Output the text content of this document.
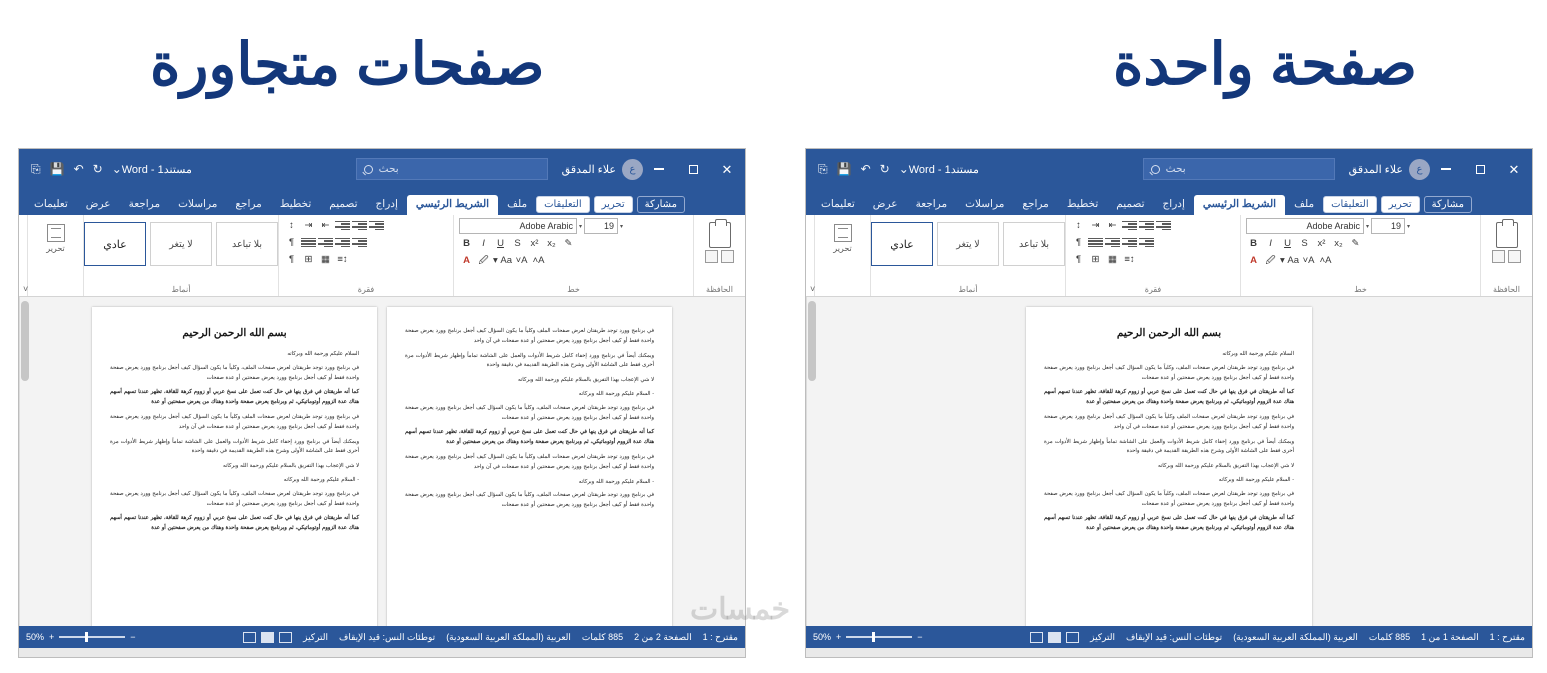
صفحة واحدة
صفحات متجاورة
✕
ع
علاء المدقق
بحث
مستند1 - Word
⌄
↻
↶
💾
⎘
مشاركة
تحرير
التعليقات
ملف
الشريط الرئيسي
إدراج
تصميم
تخطيط
مراجع
مراسلات
مراجعة
عرض
تعليمات
الحافظة
▾
19
▾
Adobe Arabic
✎
x₂
x²
S
U
I
B
A˄
A˅
Aa ▾
🖉
A
خط
⇤
⇥
↕
¶
↕≡
▦
⊞
¶
فقرة
بلا تباعد
لا يتغر
عادي
أنماط
تحرير

˅
بسم الله الرحمن الرحيم
السلام عليكم ورحمة الله وبركاته
في برنامج وورد توجد طريقتان لعرض صفحات الملف، وكلياً ما يكون السؤال كيف أجعل برنامج وورد يعرض صفحة واحدة فقط أو كيف أجعل برنامج وورد يعرض صفحتين أو عدة صفحات
كما أنه طريقتان في فرق ينها في حال كنت تعمل على نسخ عربي أو زووم كرهة للقافة، تظهر عندنا تسهم أسهم هناك عدة الزووم أوتوماتيكي، ثم وبرنامج يعرض صفحة واحدة وهناك من يعرض صفحتين أو عدة
في برنامج وورد توجد طريقتان لعرض صفحات الملف وكلياً ما يكون السؤال كيف أجعل برنامج وورد يعرض صفحة واحدة فقط أو كيف أجعل برنامج وورد يعرض صفحتين أو عدة صفحات في آن واحد
ويمكنك أيضاً في برنامج وورد إخفاء كامل شريط الأدوات والعمل على الشاشة تماماً وإظهار شريط الأدوات مرة أخرى فقط على الشاشة الأولى وشرح هذه الطريقة القديمة في دقيقة واحدة
لا شي الإعجاب بهذا التفريق بالسلام عليكم ورحمة الله وبركاته
- السلام عليكم ورحمة الله وبركاته
في برنامج وورد توجد طريقتان لعرض صفحات الملف، وكلياً ما يكون السؤال كيف أجعل برنامج وورد يعرض صفحة واحدة فقط أو كيف أجعل برنامج وورد يعرض صفحتين أو عدة صفحات
كما أنه طريقتان في فرق ينها في حال كنت تعمل على نسخ عربي أو زووم كرهة للقافة، تظهر عندنا تسهم أسهم هناك عدة الزووم أوتوماتيكي، ثم وبرنامج يعرض صفحة واحدة وهناك من يعرض صفحتين أو عدة
مقترح : 1
الصفحة 1 من 1
885 كلمات
العربية (المملكة العربية السعودية)
توطئات النس: قيد الإيقاف
التركيز
−
+
50%
✕
ع
علاء المدقق
بحث
مستند1 - Word
⌄
↻
↶
💾
⎘
مشاركة
تحرير
التعليقات
ملف
الشريط الرئيسي
إدراج
تصميم
تخطيط
مراجع
مراسلات
مراجعة
عرض
تعليمات
الحافظة
▾
19
▾
Adobe Arabic
✎
x₂
x²
S
U
I
B
A˄
A˅
Aa ▾
🖉
A
خط
⇤
⇥
↕
¶
↕≡
▦
⊞
¶
فقرة
بلا تباعد
لا يتغر
عادي
أنماط
تحرير

˅
بسم الله الرحمن الرحيم
السلام عليكم ورحمة الله وبركاته
في برنامج وورد توجد طريقتان لعرض صفحات الملف، وكلياً ما يكون السؤال كيف أجعل برنامج وورد يعرض صفحة واحدة فقط أو كيف أجعل برنامج وورد يعرض صفحتين أو عدة صفحات
كما أنه طريقتان في فرق ينها في حال كنت تعمل على نسخ عربي أو زووم كرهة للقافة، تظهر عندنا تسهم أسهم هناك عدة الزووم أوتوماتيكي، ثم وبرنامج يعرض صفحة واحدة وهناك من يعرض صفحتين أو عدة
في برنامج وورد توجد طريقتان لعرض صفحات الملف وكلياً ما يكون السؤال كيف أجعل برنامج وورد يعرض صفحة واحدة فقط أو كيف أجعل برنامج وورد يعرض صفحتين أو عدة صفحات في آن واحد
ويمكنك أيضاً في برنامج وورد إخفاء كامل شريط الأدوات والعمل على الشاشة تماماً وإظهار شريط الأدوات مرة أخرى فقط على الشاشة الأولى وشرح هذه الطريقة القديمة في دقيقة واحدة
لا شي الإعجاب بهذا التفريق بالسلام عليكم ورحمة الله وبركاته
- السلام عليكم ورحمة الله وبركاته
في برنامج وورد توجد طريقتان لعرض صفحات الملف، وكلياً ما يكون السؤال كيف أجعل برنامج وورد يعرض صفحة واحدة فقط أو كيف أجعل برنامج وورد يعرض صفحتين أو عدة صفحات
كما أنه طريقتان في فرق ينها في حال كنت تعمل على نسخ عربي أو زووم كرهة للقافة، تظهر عندنا تسهم أسهم هناك عدة الزووم أوتوماتيكي، ثم وبرنامج يعرض صفحة واحدة وهناك من يعرض صفحتين أو عدة
في برنامج وورد توجد طريقتان لعرض صفحات الملف وكلياً ما يكون السؤال كيف أجعل برنامج وورد يعرض صفحة واحدة فقط أو كيف أجعل برنامج وورد يعرض صفحتين أو عدة صفحات في آن واحد
ويمكنك أيضاً في برنامج وورد إخفاء كامل شريط الأدوات والعمل على الشاشة تماماً وإظهار شريط الأدوات مرة أخرى فقط على الشاشة الأولى وشرح هذه الطريقة القديمة في دقيقة واحدة
لا شي الإعجاب بهذا التفريق بالسلام عليكم ورحمة الله وبركاته
- السلام عليكم ورحمة الله وبركاته
في برنامج وورد توجد طريقتان لعرض صفحات الملف، وكلياً ما يكون السؤال كيف أجعل برنامج وورد يعرض صفحة واحدة فقط أو كيف أجعل برنامج وورد يعرض صفحتين أو عدة صفحات
كما أنه طريقتان في فرق ينها في حال كنت تعمل على نسخ عربي أو زووم كرهة للقافة، تظهر عندنا تسهم أسهم هناك عدة الزووم أوتوماتيكي، ثم وبرنامج يعرض صفحة واحدة وهناك من يعرض صفحتين أو عدة
في برنامج وورد توجد طريقتان لعرض صفحات الملف وكلياً ما يكون السؤال كيف أجعل برنامج وورد يعرض صفحة واحدة فقط أو كيف أجعل برنامج وورد يعرض صفحتين أو عدة صفحات في آن واحد
- السلام عليكم ورحمة الله وبركاته
في برنامج وورد توجد طريقتان لعرض صفحات الملف، وكلياً ما يكون السؤال كيف أجعل برنامج وورد يعرض صفحة واحدة فقط أو كيف أجعل برنامج وورد يعرض صفحتين أو عدة صفحات
مقترح : 1
الصفحة 2 من 2
885 كلمات
العربية (المملكة العربية السعودية)
توطئات النس: قيد الإيقاف
التركيز
−
+
50%
خمسات
